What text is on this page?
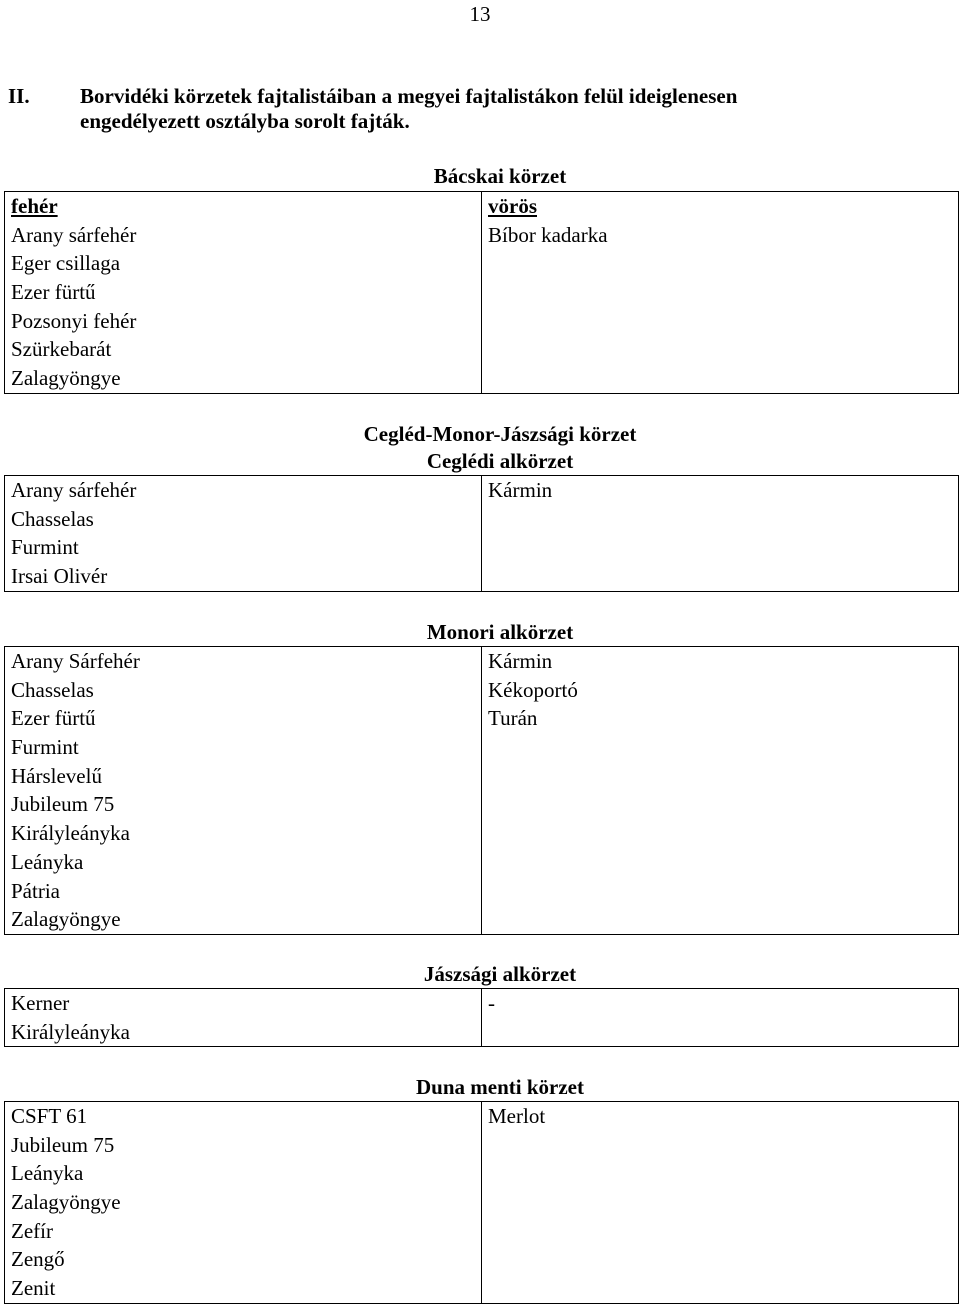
13
II. Borvidéki körzetek fajtalistáiban a megyei fajtalistákon felül ideiglenesen
engedélyezett osztályba sorolt fajták.
Bácskai körzet
fehér
Arany sárfehér
Eger csillaga
Ezer fürtű
Pozsonyi fehér
Szürkebarát
Zalagyöngye

vörös
Bíbor kadarka
Cegléd-Monor-Jászsági körzet
Ceglédi alkörzet
Arany sárfehér
Chasselas
Furmint
Irsai Olivér

Kármin
Monori alkörzet
Arany Sárfehér
Chasselas
Ezer fürtű
Furmint
Hárslevelű
Jubileum 75
Királyleányka
Leányka
Pátria
Zalagyöngye

Kármin
Kékoportó
Turán
Jászsági alkörzet
Kerner
Királyleányka

-
Duna menti körzet
CSFT 61
Jubileum 75
Leányka
Zalagyöngye
Zefír
Zengő
Zenit

Merlot
